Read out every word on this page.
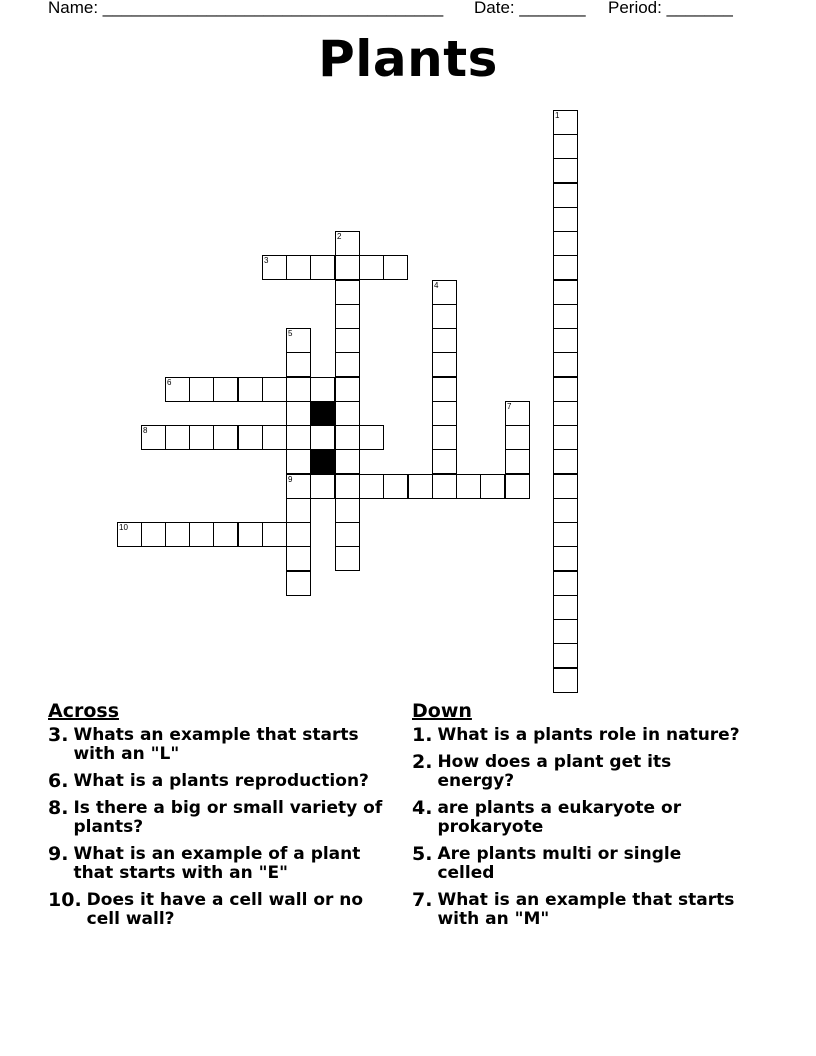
Name: ____________________________________ Date: _______ Period: _______
Plants
1
2
3
4
5
6
7
8
9
10
Across
3. Whats an example that starts with an "L"
6. What is a plants reproduction?
8. Is there a big or small variety of plants?
9. What is an example of a plant that starts with an "E"
10. Does it have a cell wall or no cell wall?
Down
1. What is a plants role in nature?
2. How does a plant get its energy?
4. are plants a eukaryote or prokaryote
5. Are plants multi or single celled
7. What is an example that starts with an "M"
